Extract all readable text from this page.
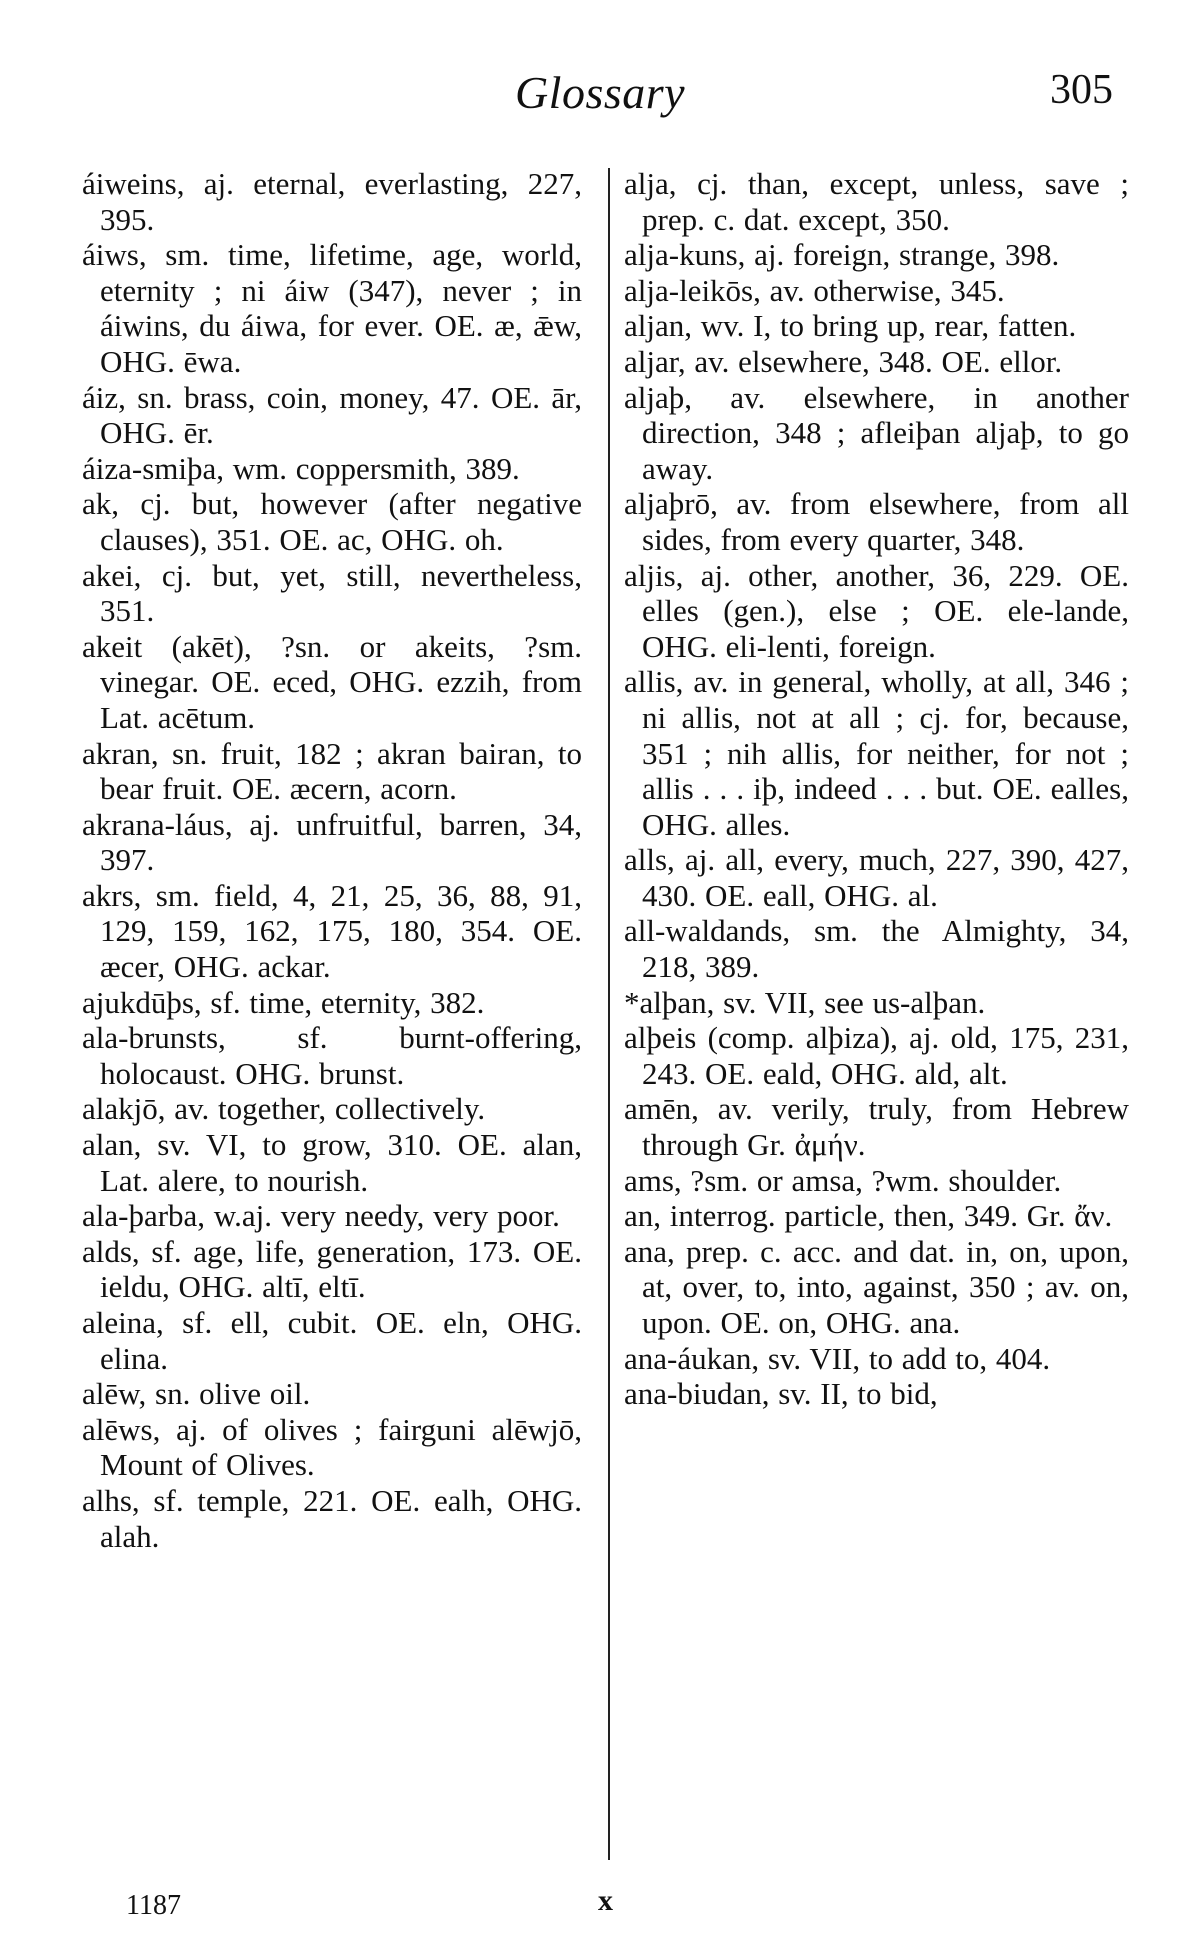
Glossary	305

áiweins, aj. eternal, everlasting, 227, 395.

áiws, sm. time, lifetime, age, world, eternity ; ni áiw (347), never ; in áiwins, du áiwa, for ever. OE. æ, ǣw, OHG. ēwa.

áiz, sn. brass, coin, money, 47. OE. ār, OHG. ēr.

áiza-smiþa, wm. coppersmith, 389.

ak, cj. but, however (after negative clauses), 351. OE. ac, OHG. oh.

akei, cj. but, yet, still, nevertheless, 351.

akeit (akēt), ?sn. or akeits, ?sm. vinegar. OE. eced, OHG. ezzih, from Lat. acētum.

akran, sn. fruit, 182 ; akran bairan, to bear fruit. OE. æcern, acorn.

akrana-láus, aj. unfruitful, barren, 34, 397.

akrs, sm. field, 4, 21, 25, 36, 88, 91, 129, 159, 162, 175, 180, 354. OE. æcer, OHG. ackar.

ajukdūþs, sf. time, eternity, 382.

ala-brunsts, sf. burnt-offering, holocaust. OHG. brunst.

alakjō, av. together, collectively.

alan, sv. VI, to grow, 310. OE. alan, Lat. alere, to nourish.

ala-þarba, w.aj. very needy, very poor.

alds, sf. age, life, generation, 173. OE. ieldu, OHG. altī, eltī.

aleina, sf. ell, cubit. OE. eln, OHG. elina.

alēw, sn. olive oil.

alēws, aj. of olives ; fairguni alēwjō, Mount of Olives.

alhs, sf. temple, 221. OE. ealh, OHG. alah.

alja, cj. than, except, unless, save ; prep. c. dat. except, 350.

alja-kuns, aj. foreign, strange, 398.

alja-leikōs, av. otherwise, 345.

aljan, wv. I, to bring up, rear, fatten.

aljar, av. elsewhere, 348. OE. ellor.

aljaþ, av. elsewhere, in another direction, 348 ; afleiþan aljaþ, to go away.

aljaþrō, av. from elsewhere, from all sides, from every quarter, 348.

aljis, aj. other, another, 36, 229. OE. elles (gen.), else ; OE. ele-lande, OHG. eli-lenti, foreign.

allis, av. in general, wholly, at all, 346 ; ni allis, not at all ; cj. for, because, 351 ; nih allis, for neither, for not ; allis . . . iþ, indeed . . . but. OE. ealles, OHG. alles.

alls, aj. all, every, much, 227, 390, 427, 430. OE. eall, OHG. al.

all-waldands, sm. the Almighty, 34, 218, 389.

*alþan, sv. VII, see us-alþan.

alþeis (comp. alþiza), aj. old, 175, 231, 243. OE. eald, OHG. ald, alt.

amēn, av. verily, truly, from Hebrew through Gr. ἀμήν.

ams, ?sm. or amsa, ?wm. shoulder.

an, interrog. particle, then, 349. Gr. ἄν.

ana, prep. c. acc. and dat. in, on, upon, at, over, to, into, against, 350 ; av. on, upon. OE. on, OHG. ana.

ana-áukan, sv. VII, to add to, 404.

ana-biudan, sv. II, to bid,

1187	x
